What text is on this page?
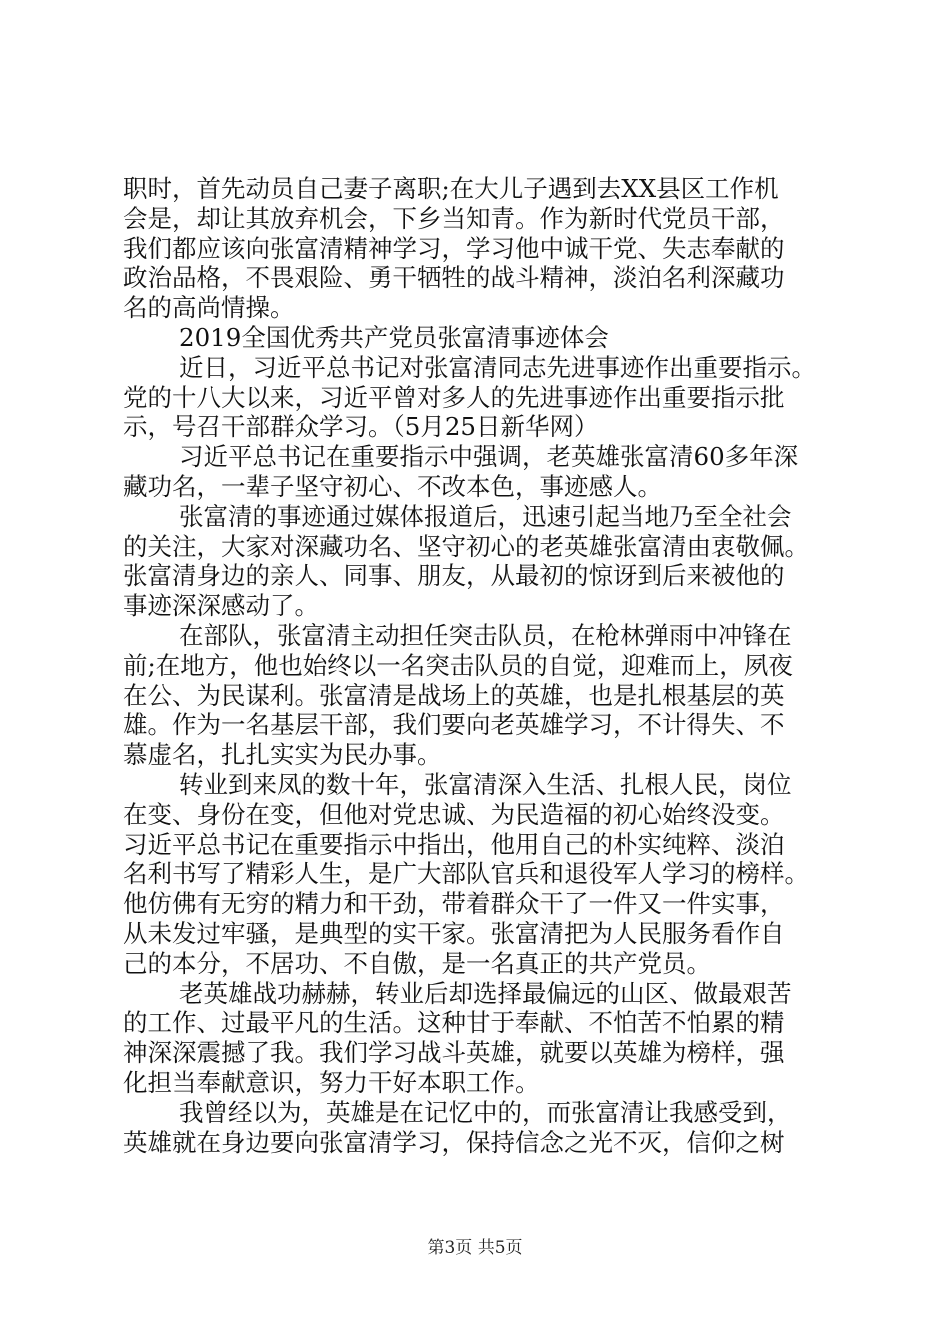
职时，首先动员自己妻子离职;在大儿子遇到去XX县区工作机
会是，却让其放弃机会，下乡当知青。作为新时代党员干部，
我们都应该向张富清精神学习，学习他中诚干党、失志奉献的
政治品格，不畏艰险、勇干牺牲的战斗精神，淡泊名利深藏功
名的高尚情操。
2019全国优秀共产党员张富清事迹体会
近日，习近平总书记对张富清同志先进事迹作出重要指示。
党的十八大以来，习近平曾对多人的先进事迹作出重要指示批
示，号召干部群众学习。（5月25日新华网）
习近平总书记在重要指示中强调，老英雄张富清60多年深
藏功名，一辈子坚守初心、不改本色，事迹感人。
张富清的事迹通过媒体报道后，迅速引起当地乃至全社会
的关注，大家对深藏功名、坚守初心的老英雄张富清由衷敬佩。
张富清身边的亲人、同事、朋友，从最初的惊讶到后来被他的
事迹深深感动了。
在部队，张富清主动担任突击队员，在枪林弹雨中冲锋在
前;在地方，他也始终以一名突击队员的自觉，迎难而上，夙夜
在公、为民谋利。张富清是战场上的英雄，也是扎根基层的英
雄。作为一名基层干部，我们要向老英雄学习，不计得失、不
慕虚名，扎扎实实为民办事。
转业到来凤的数十年，张富清深入生活、扎根人民，岗位
在变、身份在变，但他对党忠诚、为民造福的初心始终没变。
习近平总书记在重要指示中指出，他用自己的朴实纯粹、淡泊
名利书写了精彩人生，是广大部队官兵和退役军人学习的榜样。
他仿佛有无穷的精力和干劲，带着群众干了一件又一件实事，
从未发过牢骚，是典型的实干家。张富清把为人民服务看作自
己的本分，不居功、不自傲，是一名真正的共产党员。
老英雄战功赫赫，转业后却选择最偏远的山区、做最艰苦
的工作、过最平凡的生活。这种甘于奉献、不怕苦不怕累的精
神深深震撼了我。我们学习战斗英雄，就要以英雄为榜样，强
化担当奉献意识，努力干好本职工作。
我曾经以为，英雄是在记忆中的，而张富清让我感受到，
英雄就在身边要向张富清学习，保持信念之光不灭，信仰之树
第3页 共5页
